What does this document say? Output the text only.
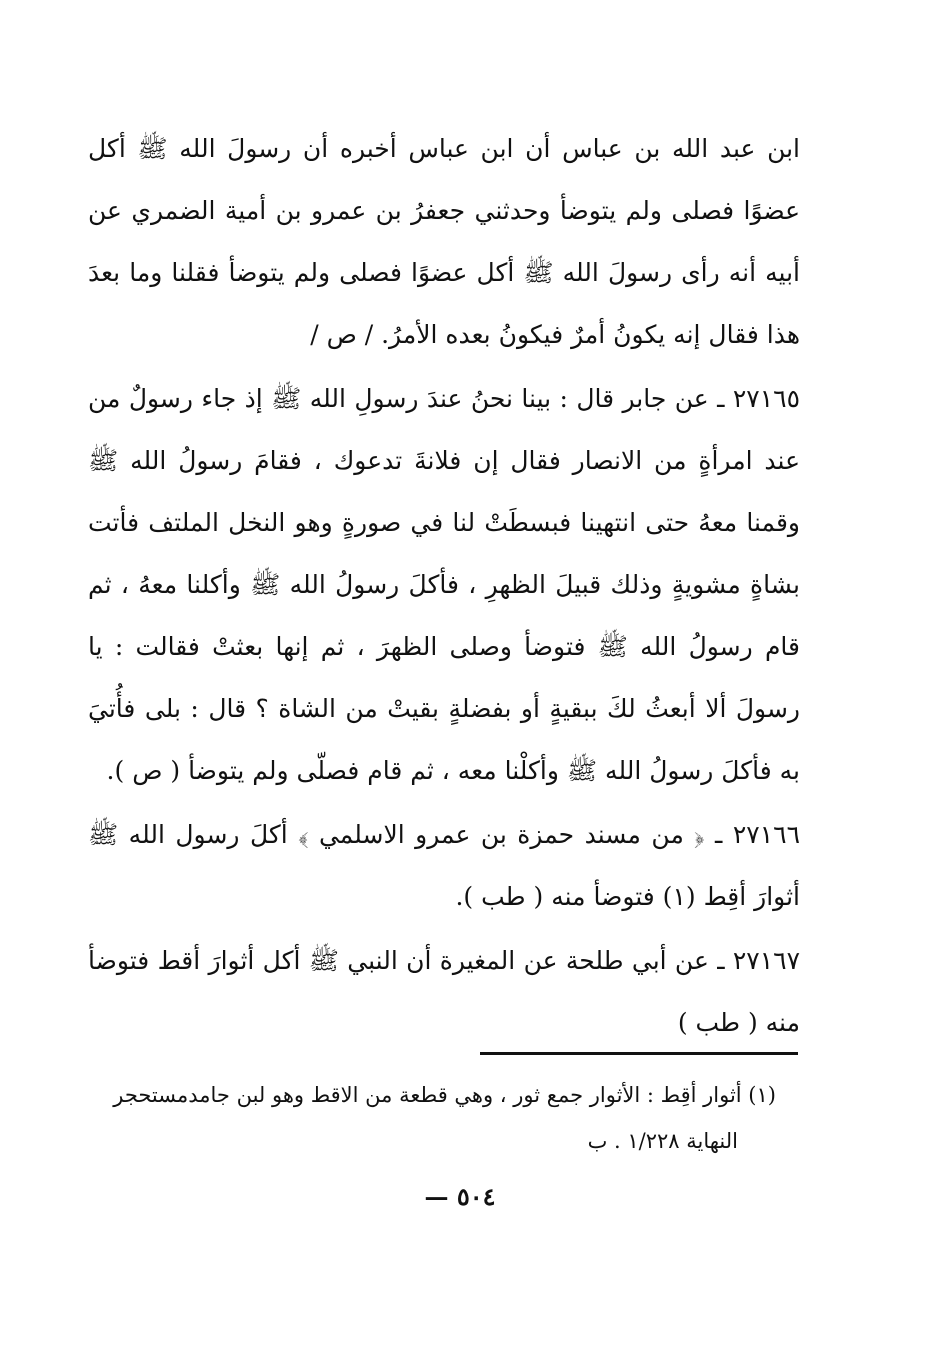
ابن عبد الله بن عباس أن ابن عباس أخبره أن رسولَ الله ﷺ أكل عضوًا فصلى ولم يتوضأ وحدثني جعفرُ بن عمرو بن أمية الضمري عن أبيه أنه رأى رسولَ الله ﷺ أكل عضوًا فصلى ولم يتوضأ فقلنا وما بعدَ هذا فقال إنه يكونُ أمرٌ فيكونُ بعده الأمرُ. / ص /

٢٧١٦٥ ـ عن جابر قال : بينا نحنُ عندَ رسولِ الله ﷺ إذ جاء رسولٌ من عند امرأةٍ من الانصار فقال إن فلانةَ تدعوك ، فقامَ رسولُ الله ﷺ وقمنا معهُ حتى انتهينا فبسطَتْ لنا في صورةٍ وهو النخل الملتف فأتت بشاةٍ مشويةٍ وذلك قبيلَ الظهرِ ، فأكلَ رسولُ الله ﷺ وأكلنا معهُ ، ثم قام رسولُ الله ﷺ فتوضأ وصلى الظهرَ ، ثم إنها بعثتْ فقالت : يا رسولَ ألا أبعثُ لكَ ببقيةٍ أو بفضلةٍ بقيتْ من الشاة ؟ قال : بلى فأُتيَ به فأكلَ رسولُ الله ﷺ وأكلْنا معه ، ثم قام فصلّى ولم يتوضأ ( ص ).

٢٧١٦٦ ـ ﴿ من مسند حمزة بن عمرو الاسلمي ﴾ أكلَ رسول الله ﷺ أثوارَ أقِط (١) فتوضأ منه ( طب ).

٢٧١٦٧ ـ عن أبي طلحة عن المغيرة أن النبي ﷺ أكل أثوارَ أقط فتوضأ منه ( طب )

(١) أثوار أقِط : الأثوار جمع ثور ، وهي قطعة من الاقط وهو لبن جامدمستحجر

النهاية ١/٢٢٨ . ب

— ٥٠٤
